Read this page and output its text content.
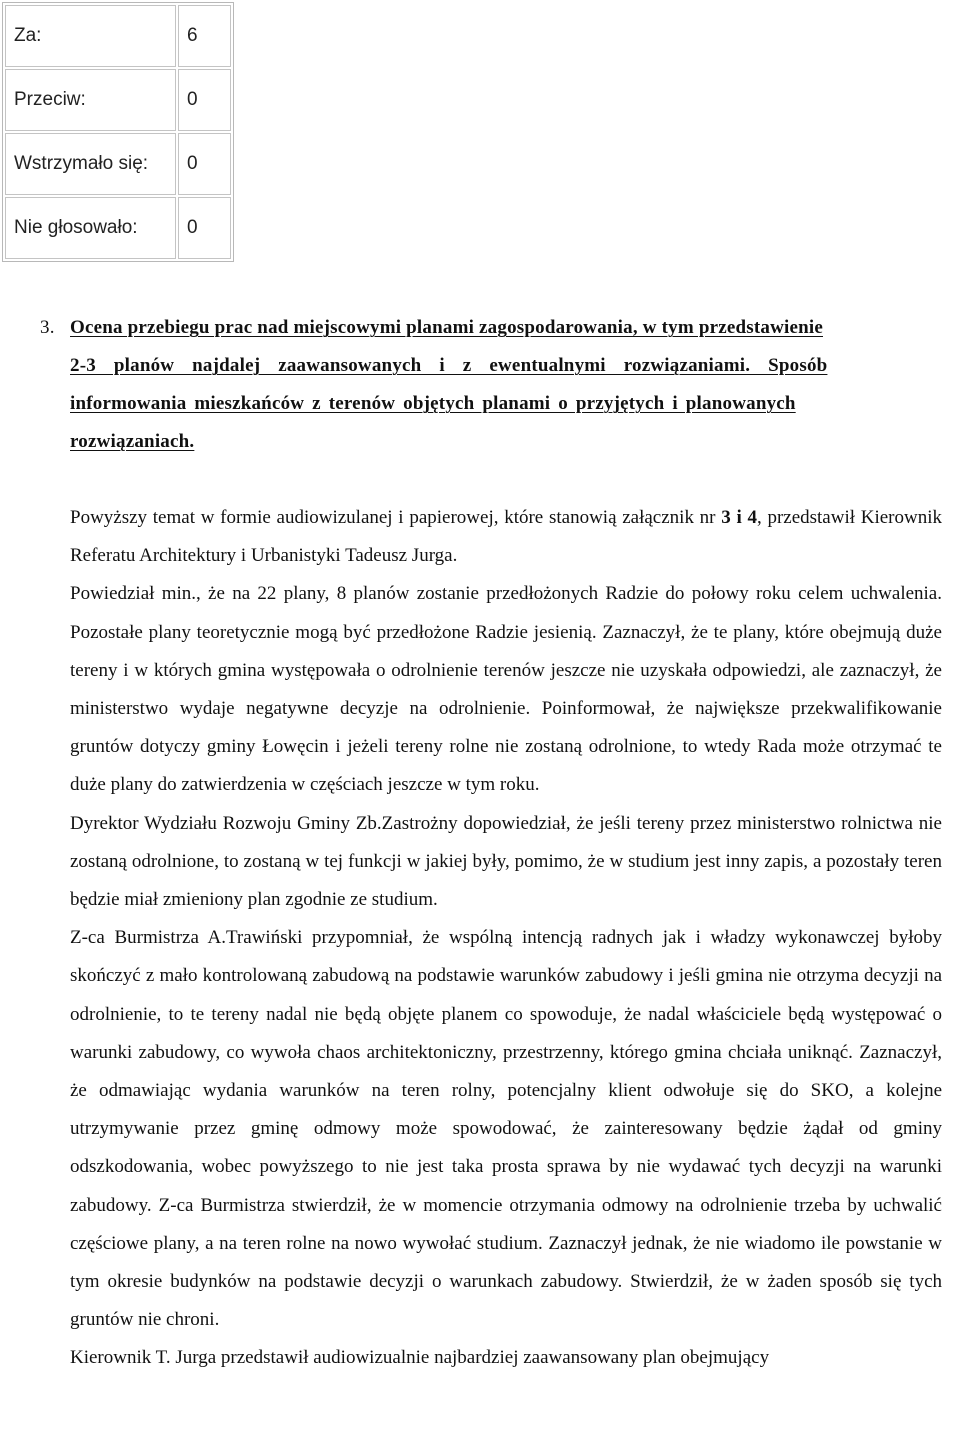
Za:	6
Przeciw:	0
Wstrzymało się:	0
Nie głosowało:	0
3. Ocena przebiegu prac nad miejscowymi planami zagospodarowania, w tym przedstawienie
2-3 planów najdalej zaawansowanych i z ewentualnymi rozwiązaniami. Sposób
informowania mieszkańców z terenów objętych planami o przyjętych i planowanych
rozwiązaniach.

Powyższy temat w formie audiowizulanej i papierowej, które stanowią załącznik nr 3 i 4, przedstawił Kierownik Referatu Architektury i Urbanistyki Tadeusz Jurga.

Powiedział min., że na 22 plany, 8 planów zostanie przedłożonych Radzie do połowy roku celem uchwalenia. Pozostałe plany teoretycznie mogą być przedłożone Radzie jesienią. Zaznaczył, że te plany, które obejmują duże tereny i w których gmina występowała o odrolnienie terenów jeszcze nie uzyskała odpowiedzi, ale zaznaczył, że ministerstwo wydaje negatywne decyzje na odrolnienie. Poinformował, że największe przekwalifikowanie gruntów dotyczy gminy Łowęcin i jeżeli tereny rolne nie zostaną odrolnione, to wtedy Rada może otrzymać te duże plany do zatwierdzenia w częściach jeszcze w tym roku.

Dyrektor Wydziału Rozwoju Gminy Zb.Zastrożny dopowiedział, że jeśli tereny przez ministerstwo rolnictwa nie zostaną odrolnione, to zostaną w tej funkcji w jakiej były, pomimo, że w studium jest inny zapis, a pozostały teren będzie miał zmieniony plan zgodnie ze studium.

Z-ca Burmistrza A.Trawiński przypomniał, że wspólną intencją radnych jak i władzy wykonawczej byłoby skończyć z mało kontrolowaną zabudową na podstawie warunków zabudowy i jeśli gmina nie otrzyma decyzji na odrolnienie, to te tereny nadal nie będą objęte planem co spowoduje, że nadal właściciele będą występować o warunki zabudowy, co wywoła chaos architektoniczny, przestrzenny, którego gmina chciała uniknąć. Zaznaczył, że odmawiając wydania warunków na teren rolny, potencjalny klient odwołuje się do SKO, a kolejne utrzymywanie przez gminę odmowy może spowodować, że zainteresowany będzie żądał od gminy odszkodowania, wobec powyższego to nie jest taka prosta sprawa by nie wydawać tych decyzji na warunki zabudowy. Z-ca Burmistrza stwierdził, że w momencie otrzymania odmowy na odrolnienie trzeba by uchwalić częściowe plany, a na teren rolne na nowo wywołać studium. Zaznaczył jednak, że nie wiadomo ile powstanie w tym okresie budynków na podstawie decyzji o warunkach zabudowy. Stwierdził, że w żaden sposób się tych gruntów nie chroni.

Kierownik T. Jurga przedstawił audiowizualnie najbardziej zaawansowany plan obejmujący
